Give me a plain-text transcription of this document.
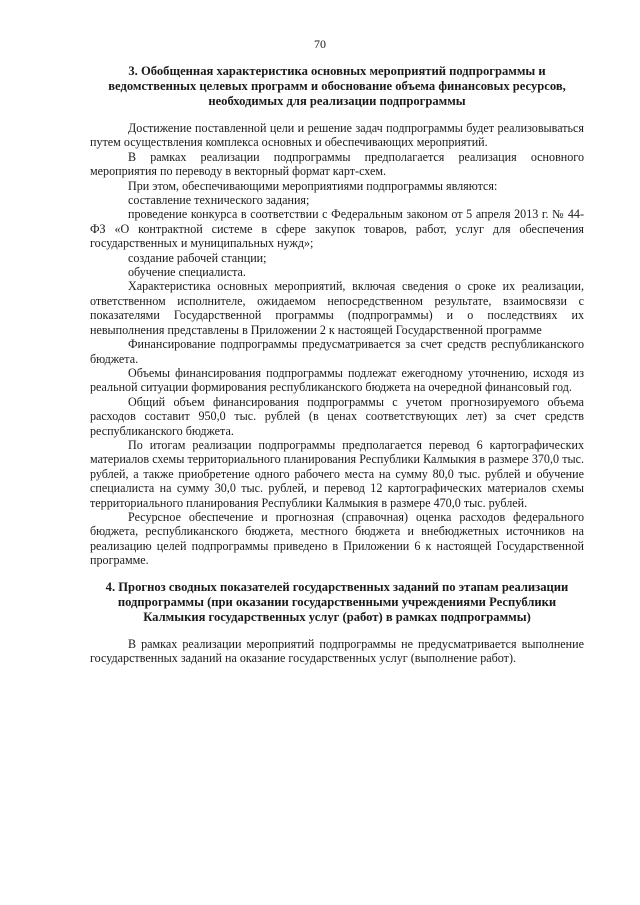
70
3. Обобщенная характеристика основных мероприятий подпрограммы и ведомственных целевых программ и обоснование объема финансовых ресурсов, необходимых для реализации подпрограммы

Достижение поставленной цели и решение задач подпрограммы будет реализовываться путем осуществления комплекса основных и обеспечивающих мероприятий.

В рамках реализации подпрограммы предполагается реализация основного мероприятия по переводу в векторный формат карт-схем.

При этом, обеспечивающими мероприятиями подпрограммы являются:

составление технического задания;

проведение конкурса в соответствии с Федеральным законом от 5 апреля 2013 г. № 44-ФЗ «О контрактной системе в сфере закупок товаров, работ, услуг для обеспечения государственных и муниципальных нужд»;

создание рабочей станции;

обучение специалиста.

Характеристика основных мероприятий, включая сведения о сроке их реализации, ответственном исполнителе, ожидаемом непосредственном результате, взаимосвязи с показателями Государственной программы (подпрограммы) и о последствиях их невыполнения представлены в Приложении 2 к настоящей Государственной программе

Финансирование подпрограммы предусматривается за счет средств республиканского бюджета.

Объемы финансирования подпрограммы подлежат ежегодному уточнению, исходя из реальной ситуации формирования республиканского бюджета на очередной финансовый год.

Общий объем финансирования подпрограммы с учетом прогнозируемого объема расходов составит 950,0 тыс. рублей (в ценах соответствующих лет) за счет средств республиканского бюджета.

По итогам реализации подпрограммы предполагается перевод 6 картографических материалов схемы территориального планирования Республики Калмыкия в размере 370,0 тыс. рублей, а также приобретение одного рабочего места на сумму 80,0 тыс. рублей и обучение специалиста на сумму 30,0 тыс. рублей, и перевод 12 картографических материалов схемы территориального планирования Республики Калмыкия в размере 470,0 тыс. рублей.

Ресурсное обеспечение и прогнозная (справочная) оценка расходов федерального бюджета, республиканского бюджета, местного бюджета и внебюджетных источников на реализацию целей подпрограммы приведено в Приложении 6 к настоящей Государственной программе.

4. Прогноз сводных показателей государственных заданий по этапам реализации подпрограммы (при оказании государственными учреждениями Республики Калмыкия государственных услуг (работ) в рамках подпрограммы)

В рамках реализации мероприятий подпрограммы не предусматривается выполнение государственных заданий на оказание государственных услуг (выполнение работ).
